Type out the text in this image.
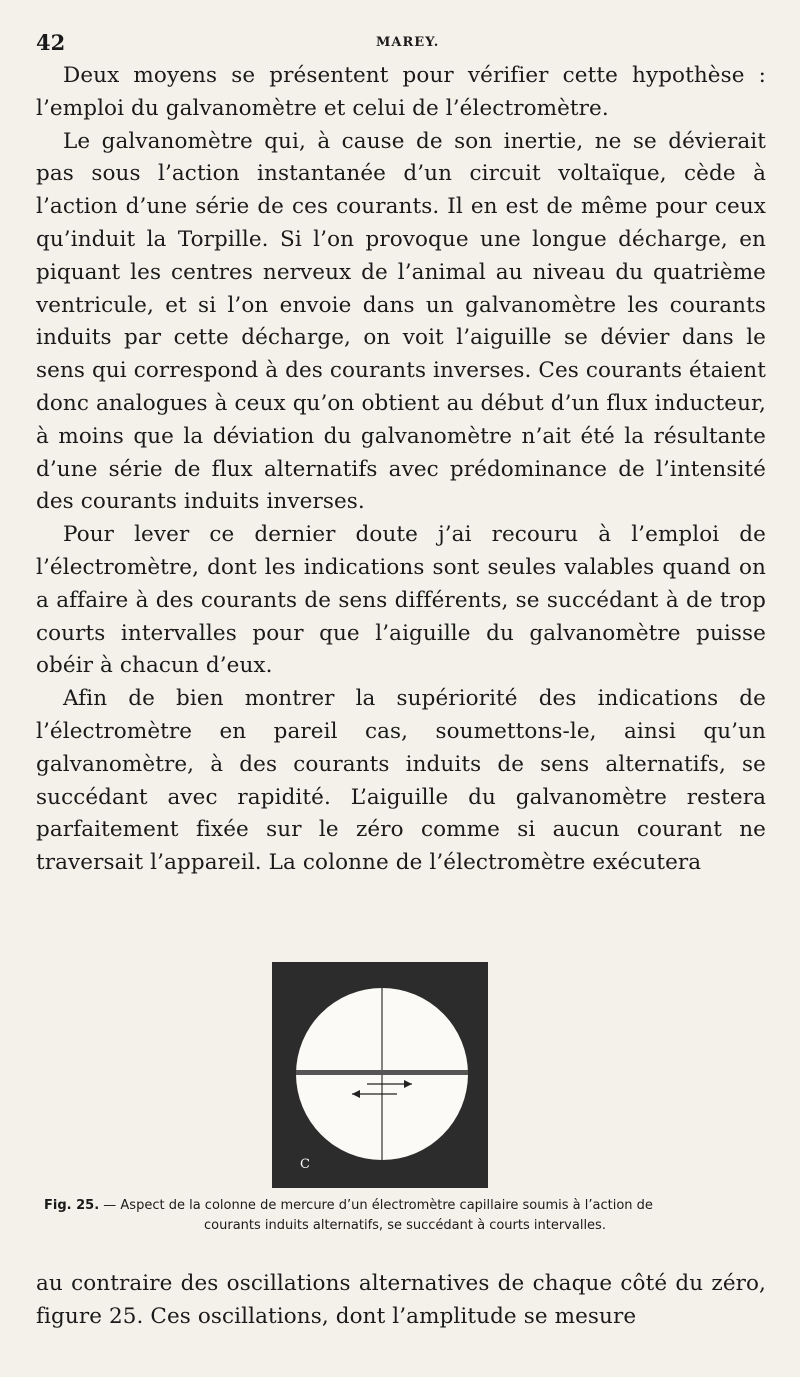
42	MAREY.

Deux moyens se présentent pour vérifier cette hypothèse : l’emploi du galvanomètre et celui de l’électromètre.

Le galvanomètre qui, à cause de son inertie, ne se dévierait pas sous l’action instantanée d’un circuit voltaïque, cède à l’action d’une série de ces courants. Il en est de même pour ceux qu’induit la Torpille. Si l’on provoque une longue décharge, en piquant les centres nerveux de l’animal au niveau du quatrième ventricule, et si l’on envoie dans un galvanomètre les courants induits par cette décharge, on voit l’aiguille se dévier dans le sens qui correspond à des courants inverses. Ces courants étaient donc analogues à ceux qu’on obtient au début d’un flux inducteur, à moins que la déviation du galvanomètre n’ait été la résultante d’une série de flux alternatifs avec prédominance de l’intensité des courants induits inverses.

Pour lever ce dernier doute j’ai recouru à l’emploi de l’électromètre, dont les indications sont seules valables quand on a affaire à des courants de sens différents, se succédant à de trop courts intervalles pour que l’aiguille du galvanomètre puisse obéir à chacun d’eux.

Afin de bien montrer la supériorité des indications de l’électromètre en pareil cas, soumettons-le, ainsi qu’un galvanomètre, à des courants induits de sens alternatifs, se succédant avec rapidité. L’aiguille du galvanomètre restera parfaitement fixée sur le zéro comme si aucun courant ne traversait l’appareil. La colonne de l’électromètre exécutera

C
Fig. 25. — Aspect de la colonne de mercure d’un électromètre capillaire soumis à l’action de
courants induits alternatifs, se succédant à courts intervalles.

au contraire des oscillations alternatives de chaque côté du zéro, figure 25. Ces oscillations, dont l’amplitude se mesure
